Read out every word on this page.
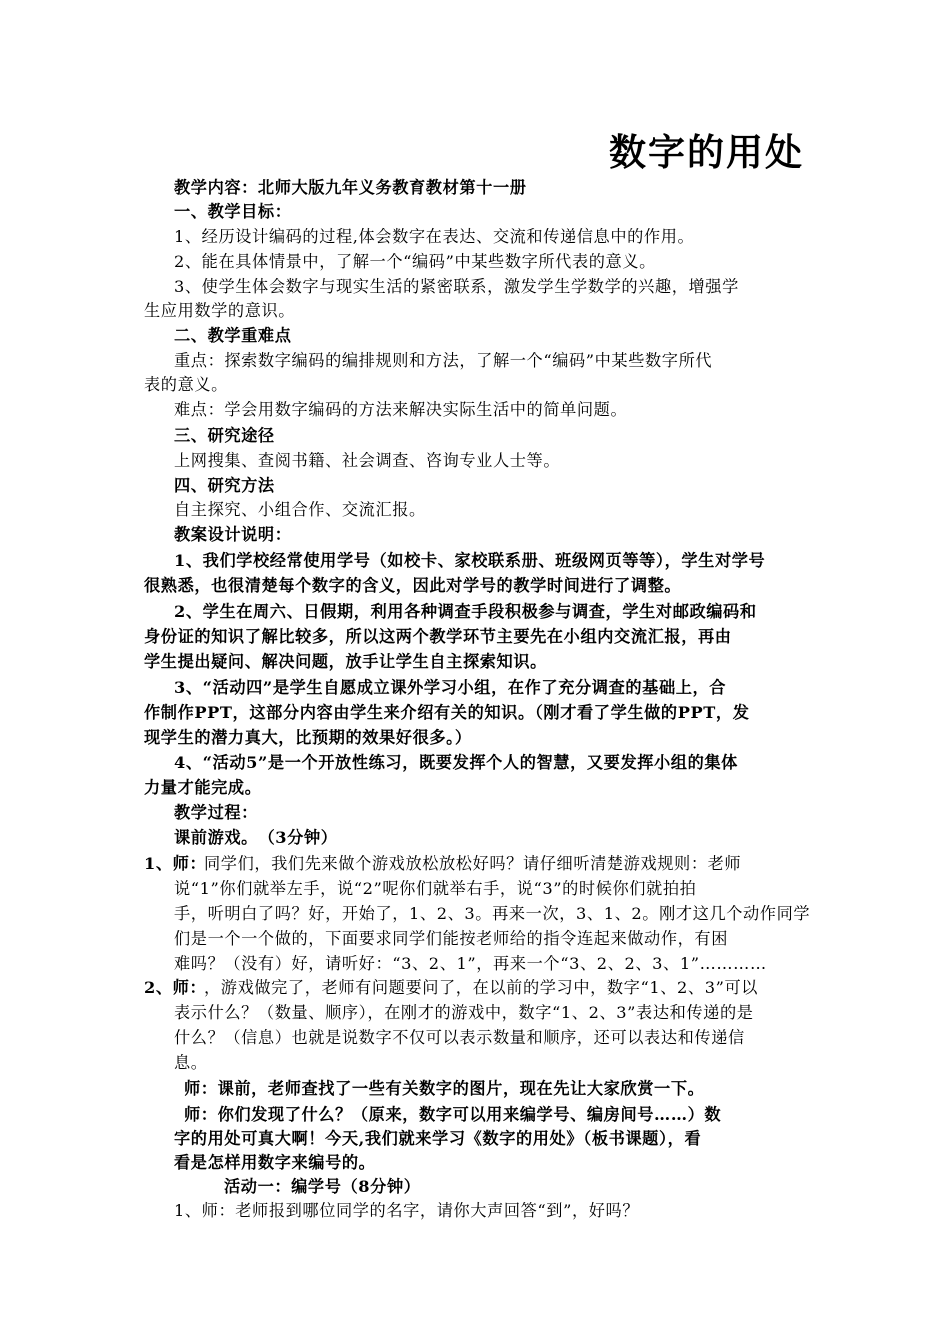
数字的用处
教学内容：北师大版九年义务教育教材第十一册
一、教学目标：
1、经历设计编码的过程,体会数字在表达、交流和传递信息中的作用。
2、能在具体情景中，了解一个“编码”中某些数字所代表的意义。
3、使学生体会数字与现实生活的紧密联系，激发学生学数学的兴趣，增强学
生应用数学的意识。
二、教学重难点
重点：探索数字编码的编排规则和方法，了解一个“编码”中某些数字所代
表的意义。
难点：学会用数字编码的方法来解决实际生活中的简单问题。
三、研究途径
上网搜集、查阅书籍、社会调查、咨询专业人士等。
四、研究方法
自主探究、小组合作、交流汇报。
教案设计说明：
1、我们学校经常使用学号（如校卡、家校联系册、班级网页等等），学生对学号
很熟悉，也很清楚每个数字的含义，因此对学号的教学时间进行了调整。
2、学生在周六、日假期，利用各种调查手段积极参与调查，学生对邮政编码和
身份证的知识了解比较多，所以这两个教学环节主要先在小组内交流汇报，再由
学生提出疑问、解决问题，放手让学生自主探索知识。
3、“活动四”是学生自愿成立课外学习小组，在作了充分调查的基础上，合
作制作PPT，这部分内容由学生来介绍有关的知识。（刚才看了学生做的PPT，发
现学生的潜力真大，比预期的效果好很多。）
4、“活动5”是一个开放性练习，既要发挥个人的智慧，又要发挥小组的集体
力量才能完成。
教学过程：
课前游戏。　（3分钟）
1、师：
同学们，我们先来做个游戏放松放松好吗？请仔细听清楚游戏规则：老师
说“1”你们就举左手，说“2”呢你们就举右手，说“3”的时候你们就拍拍
手，听明白了吗？好，开始了，1、2、3。再来一次，3、1、2。刚才这几个动作同学
们是一个一个做的，下面要求同学们能按老师给的指令连起来做动作，有困
难吗？（没有）好，请听好：“3、2、1”，再来一个“3、2、2、3、1”…………
2、师：
，游戏做完了，老师有问题要问了，在以前的学习中，数字“1、2、3”可以
表示什么？（数量、顺序），在刚才的游戏中，数字“1、2、3”表达和传递的是
什么？（信息）也就是说数字不仅可以表示数量和顺序，还可以表达和传递信
息。
师：课前，老师查找了一些有关数字的图片，现在先让大家欣赏一下。
师：你们发现了什么？（原来，数字可以用来编学号、编房间号……）数
字的用处可真大啊！今天,我们就来学习《数字的用处》（板书课题），看
看是怎样用数字来编号的。
活动一：编学号（8分钟）
1、师：老师报到哪位同学的名字，请你大声回答“到”，好吗？
